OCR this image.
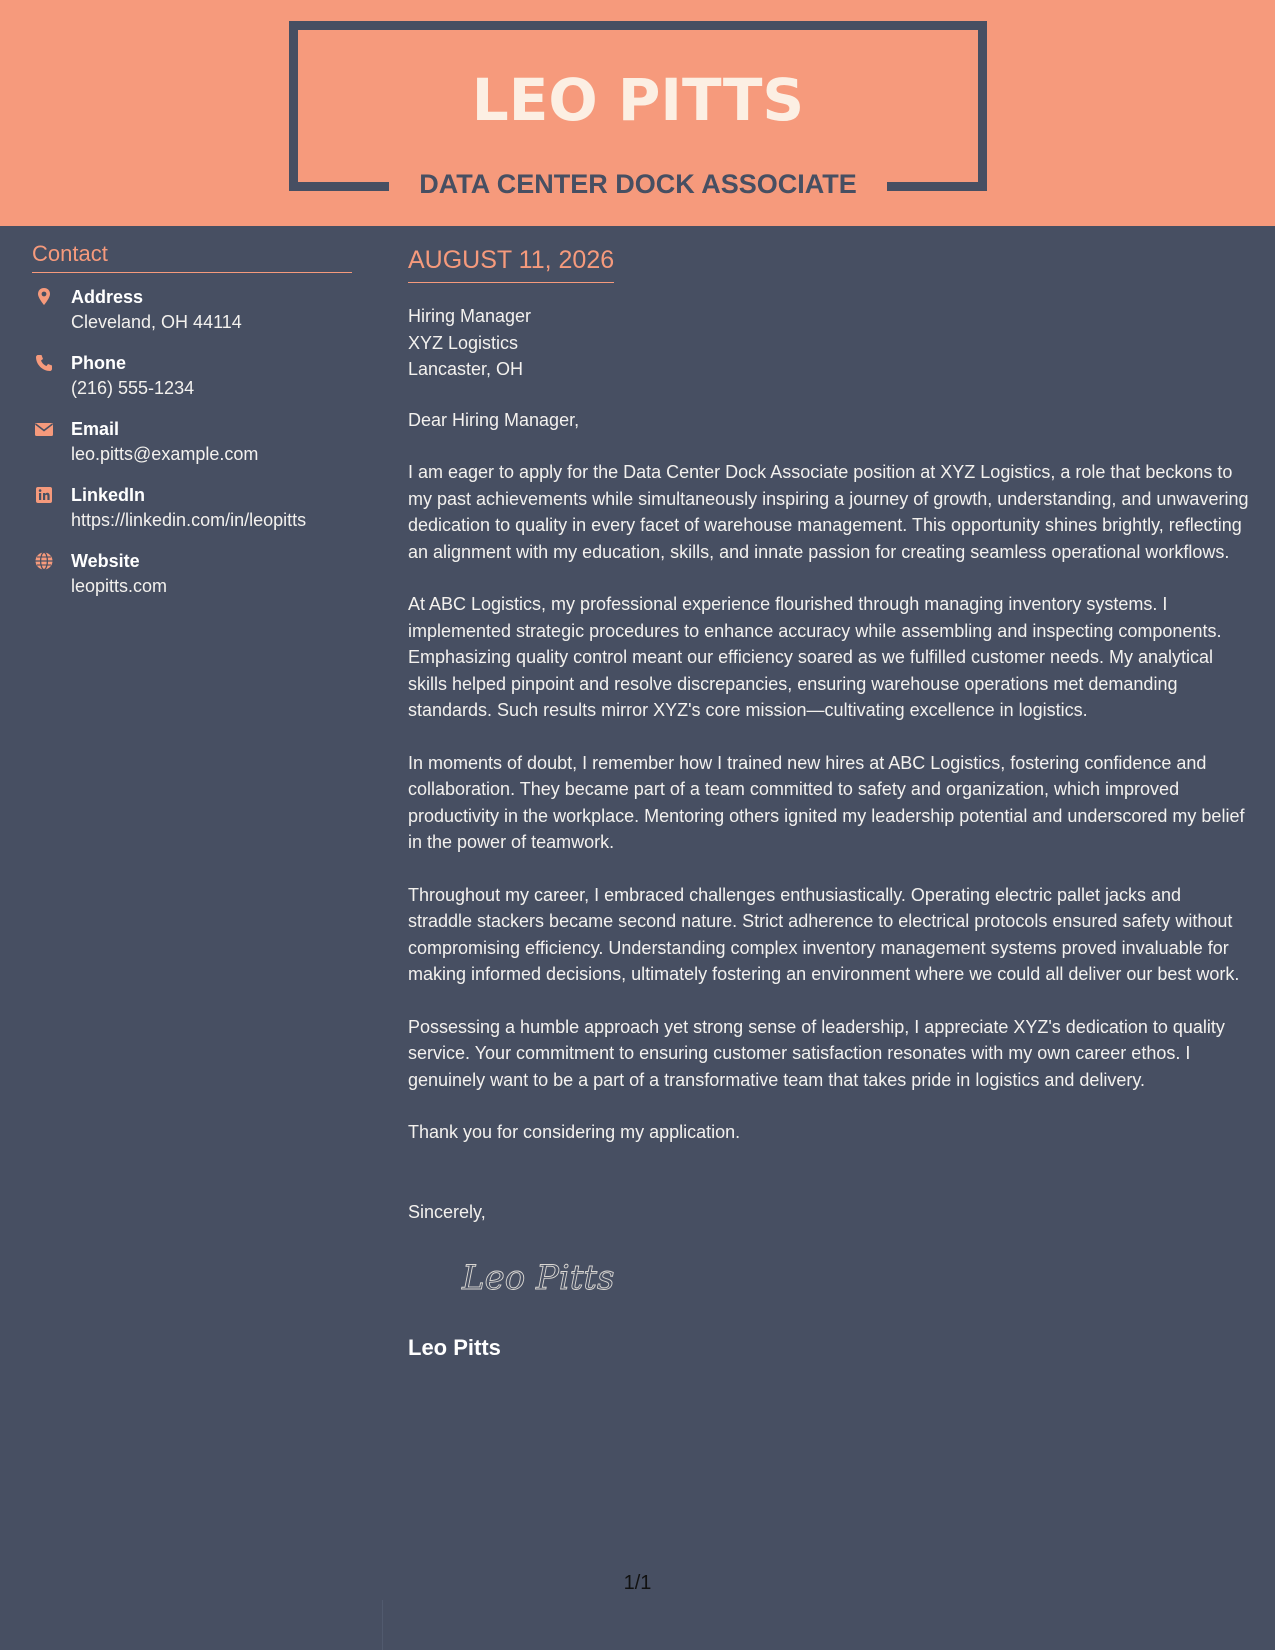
LEO PITTS
DATA CENTER DOCK ASSOCIATE
Contact
Address
Cleveland, OH 44114
Phone
(216) 555-1234
Email
leo.pitts@example.com
LinkedIn
https://linkedin.com/in/leopitts
Website
leopitts.com
AUGUST 11, 2026
Hiring Manager
XYZ Logistics
Lancaster, OH
Dear Hiring Manager,
I am eager to apply for the Data Center Dock Associate position at XYZ Logistics, a role that beckons to my past achievements while simultaneously inspiring a journey of growth, understanding, and unwavering dedication to quality in every facet of warehouse management. This opportunity shines brightly, reflecting an alignment with my education, skills, and innate passion for creating seamless operational workflows.
At ABC Logistics, my professional experience flourished through managing inventory systems. I implemented strategic procedures to enhance accuracy while assembling and inspecting components. Emphasizing quality control meant our efficiency soared as we fulfilled customer needs. My analytical skills helped pinpoint and resolve discrepancies, ensuring warehouse operations met demanding standards. Such results mirror XYZ's core mission—cultivating excellence in logistics.
In moments of doubt, I remember how I trained new hires at ABC Logistics, fostering confidence and collaboration. They became part of a team committed to safety and organization, which improved productivity in the workplace. Mentoring others ignited my leadership potential and underscored my belief in the power of teamwork.
Throughout my career, I embraced challenges enthusiastically. Operating electric pallet jacks and straddle stackers became second nature. Strict adherence to electrical protocols ensured safety without compromising efficiency. Understanding complex inventory management systems proved invaluable for making informed decisions, ultimately fostering an environment where we could all deliver our best work.
Possessing a humble approach yet strong sense of leadership, I appreciate XYZ's dedication to quality service. Your commitment to ensuring customer satisfaction resonates with my own career ethos. I genuinely want to be a part of a transformative team that takes pride in logistics and delivery.
Thank you for considering my application.
Sincerely,
Leo Pitts
Leo Pitts
1/1
